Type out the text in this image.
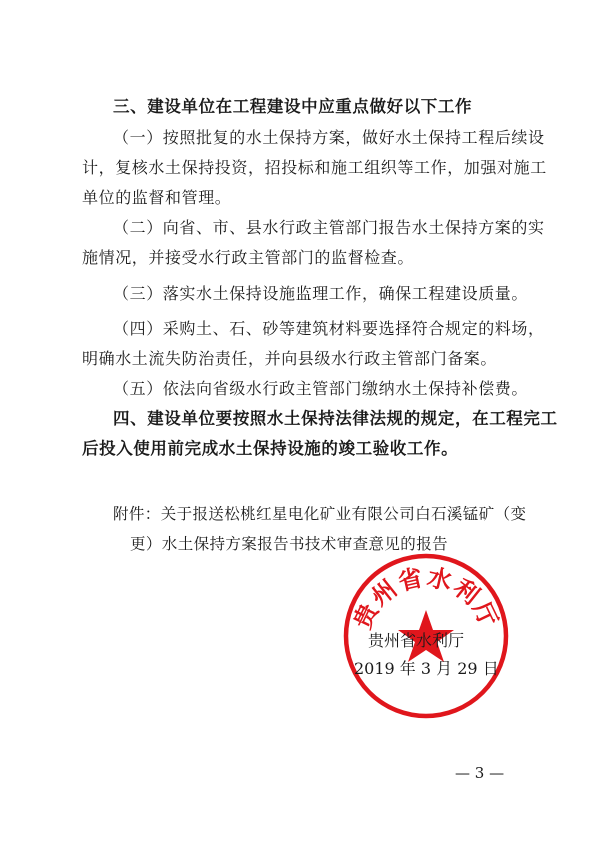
三、建设单位在工程建设中应重点做好以下工作
（一）按照批复的水土保持方案，做好水土保持工程后续设
计，复核水土保持投资，招投标和施工组织等工作，加强对施工
单位的监督和管理。
（二）向省、市、县水行政主管部门报告水土保持方案的实
施情况，并接受水行政主管部门的监督检查。
（三）落实水土保持设施监理工作，确保工程建设质量。
（四）采购土、石、砂等建筑材料要选择符合规定的料场，
明确水土流失防治责任，并向县级水行政主管部门备案。
（五）依法向省级水行政主管部门缴纳水土保持补偿费。
四、建设单位要按照水土保持法律法规的规定，在工程完工
后投入使用前完成水土保持设施的竣工验收工作。
附件：关于报送松桃红星电化矿业有限公司白石溪锰矿（变
更）水土保持方案报告书技术审查意见的报告
贵州省水利厅
贵州省水利厅
2019 年 3 月 29 日
— 3 —
